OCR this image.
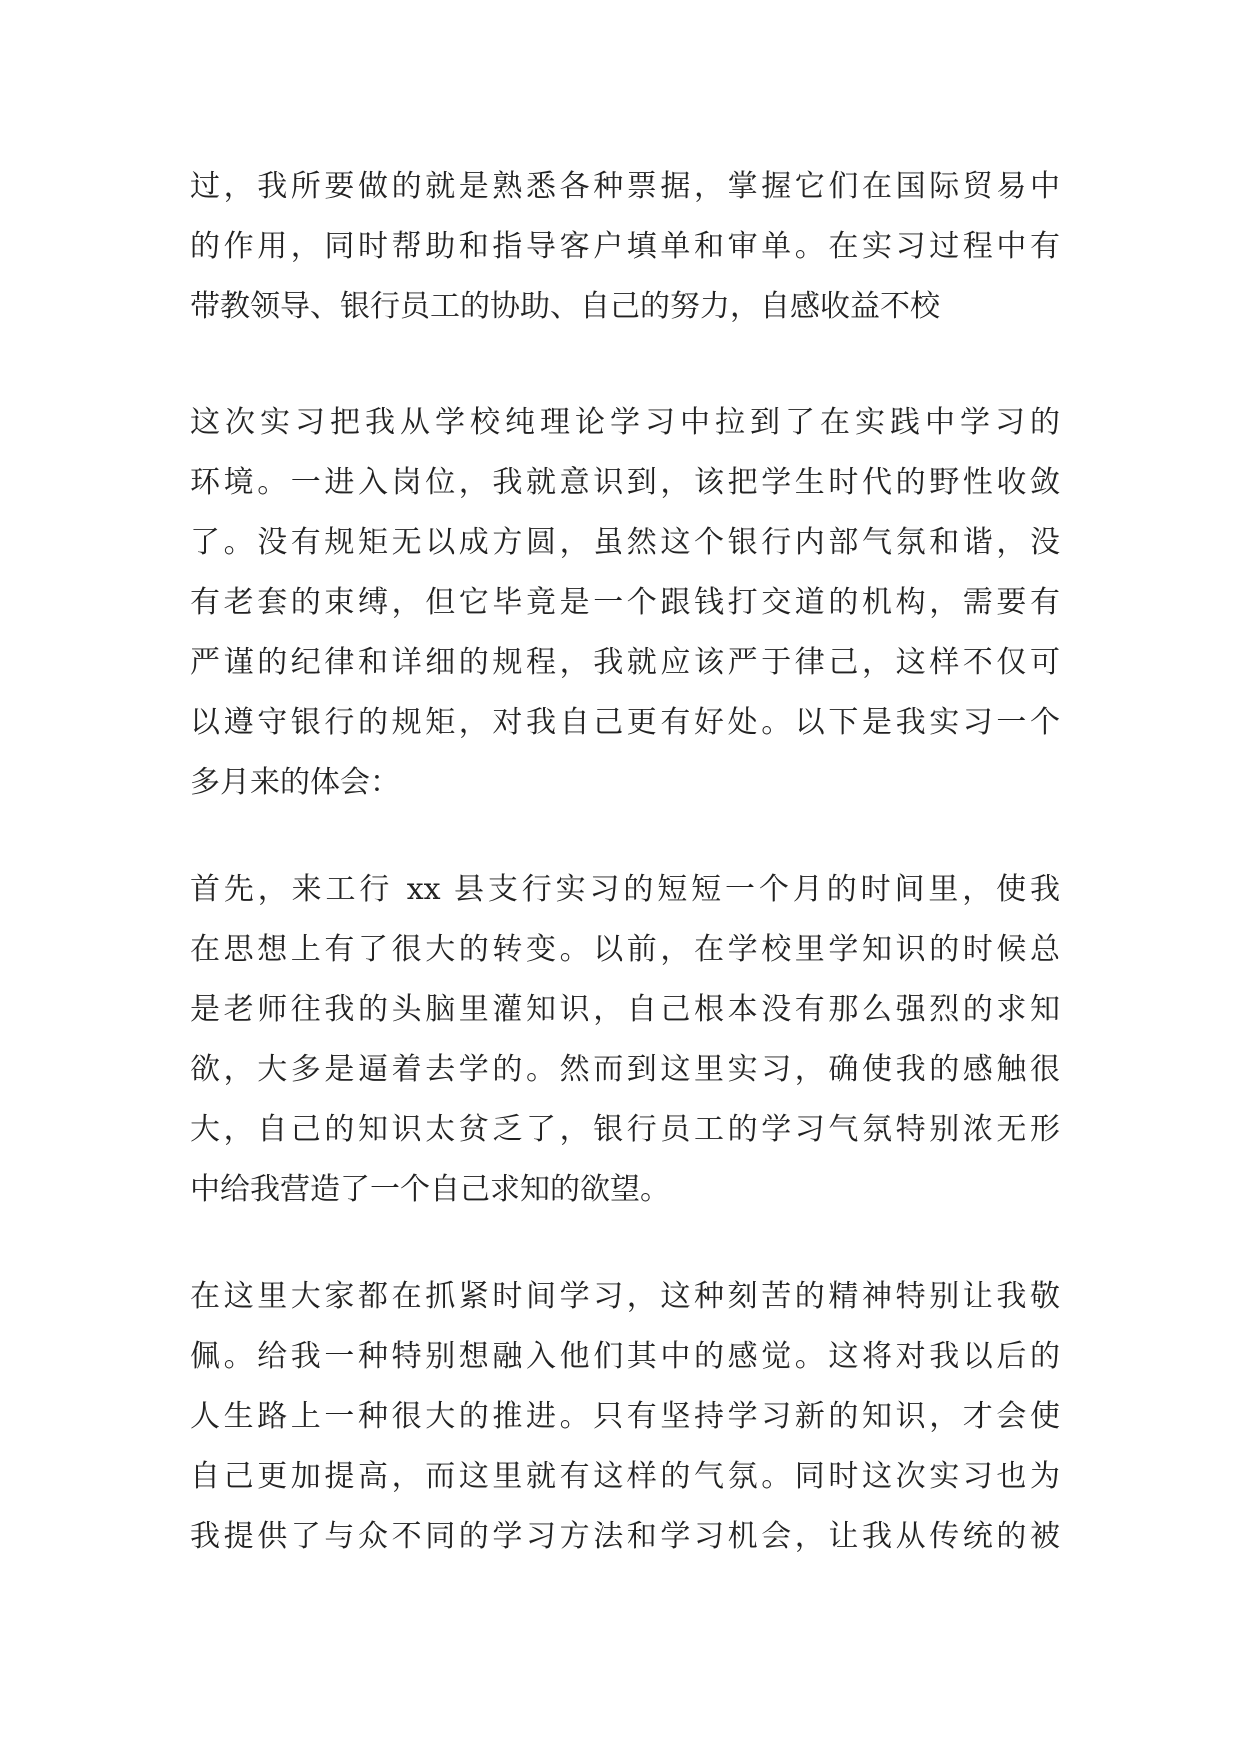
过，我所要做的就是熟悉各种票据，掌握它们在国际贸易中
的作用，同时帮助和指导客户填单和审单。在实习过程中有
带教领导、银行员工的协助、自己的努力，自感收益不校
这次实习把我从学校纯理论学习中拉到了在实践中学习的
环境。一进入岗位，我就意识到，该把学生时代的野性收敛
了。没有规矩无以成方圆，虽然这个银行内部气氛和谐，没
有老套的束缚，但它毕竟是一个跟钱打交道的机构，需要有
严谨的纪律和详细的规程，我就应该严于律己，这样不仅可
以遵守银行的规矩，对我自己更有好处。以下是我实习一个
多月来的体会：
首先，来工行 xx 县支行实习的短短一个月的时间里，使我
在思想上有了很大的转变。以前，在学校里学知识的时候总
是老师往我的头脑里灌知识，自己根本没有那么强烈的求知
欲，大多是逼着去学的。然而到这里实习，确使我的感触很
大，自己的知识太贫乏了，银行员工的学习气氛特别浓无形
中给我营造了一个自己求知的欲望。
在这里大家都在抓紧时间学习，这种刻苦的精神特别让我敬
佩。给我一种特别想融入他们其中的感觉。这将对我以后的
人生路上一种很大的推进。只有坚持学习新的知识，才会使
自己更加提高，而这里就有这样的气氛。同时这次实习也为
我提供了与众不同的学习方法和学习机会，让我从传统的被
